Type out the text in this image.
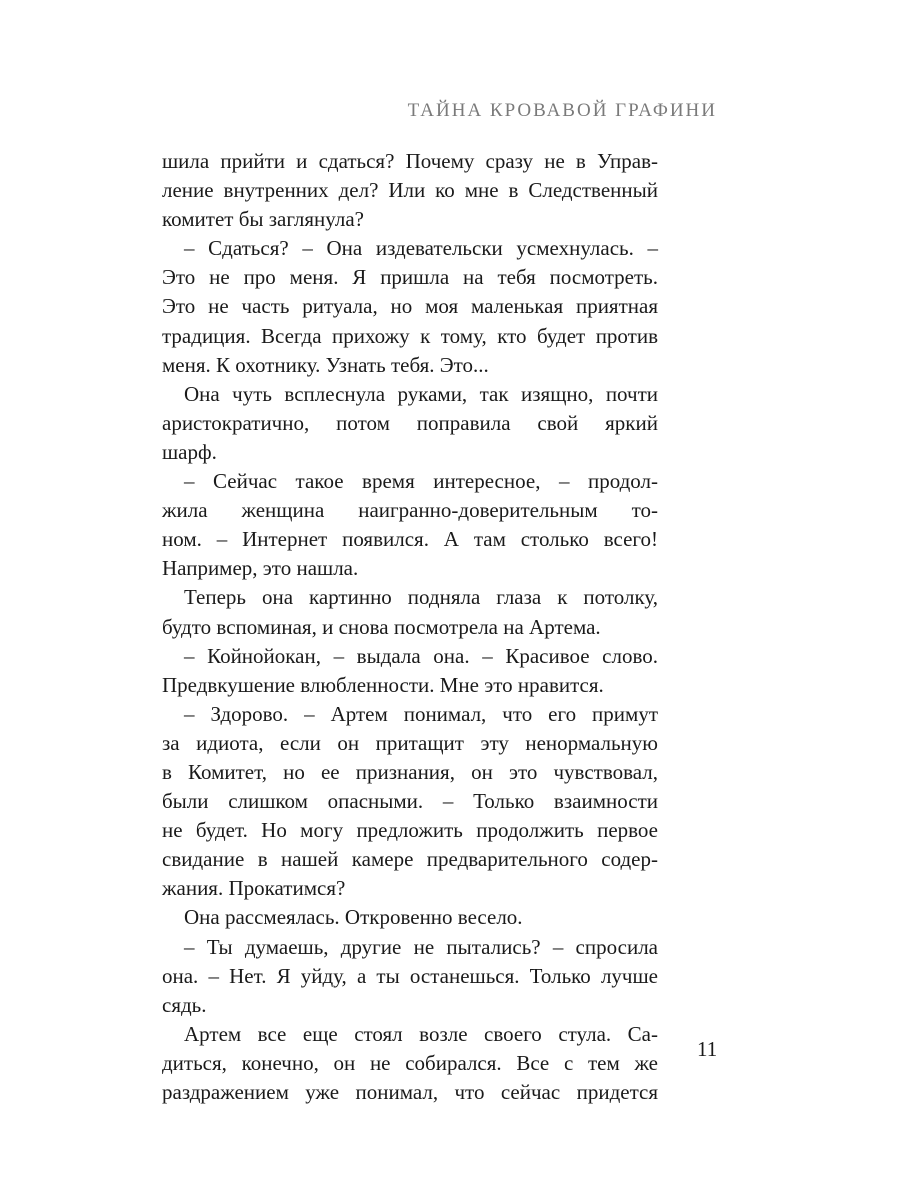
ТАЙНА КРОВАВОЙ ГРАФИНИ
шила прийти и сдаться? Почему сразу не в Управ-
ление внутренних дел? Или ко мне в Следственный
комитет бы заглянула?
– Сдаться? – Она издевательски усмехнулась. –
Это не про меня. Я пришла на тебя посмотреть.
Это не часть ритуала, но моя маленькая приятная
традиция. Всегда прихожу к тому, кто будет против
меня. К охотнику. Узнать тебя. Это...
Она чуть всплеснула руками, так изящно, почти
аристократично, потом поправила свой яркий
шарф.
– Сейчас такое время интересное, – продол-
жила женщина наигранно-доверительным то-
ном. – Интернет появился. А там столько всего!
Например, это нашла.
Теперь она картинно подняла глаза к потолку,
будто вспоминая, и снова посмотрела на Артема.
– Койнойокан, – выдала она. – Красивое слово.
Предвкушение влюбленности. Мне это нравится.
– Здорово. – Артем понимал, что его примут
за идиота, если он притащит эту ненормальную
в Комитет, но ее признания, он это чувствовал,
были слишком опасными. – Только взаимности
не будет. Но могу предложить продолжить первое
свидание в нашей камере предварительного содер-
жания. Прокатимся?
Она рассмеялась. Откровенно весело.
– Ты думаешь, другие не пытались? – спросила
она. – Нет. Я уйду, а ты останешься. Только лучше
сядь.
Артем все еще стоял возле своего стула. Са-
диться, конечно, он не собирался. Все с тем же
раздражением уже понимал, что сейчас придется
11
